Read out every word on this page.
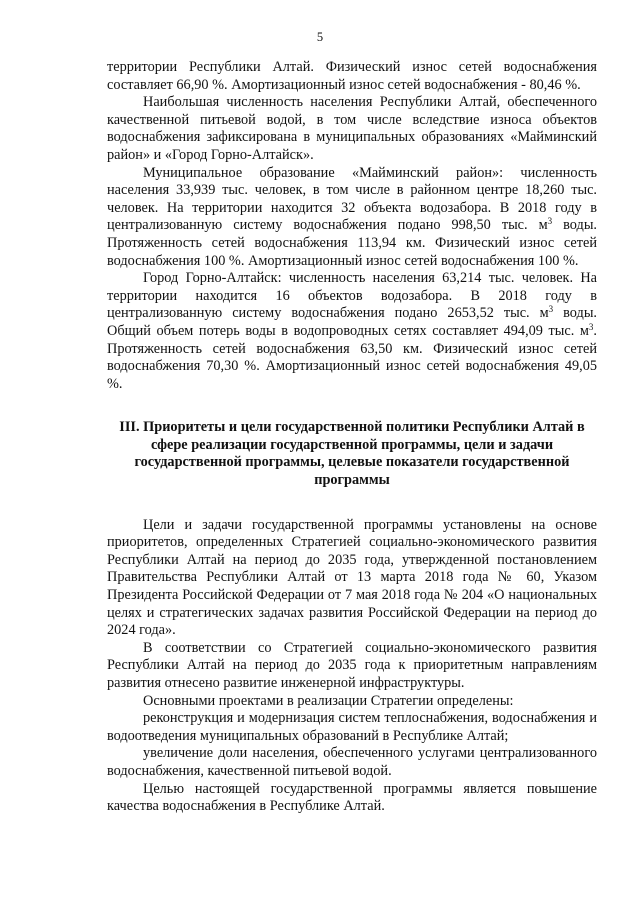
5

территории Республики Алтай. Физический износ сетей водоснабжения составляет 66,90 %. Амортизационный износ сетей водоснабжения - 80,46 %.

Наибольшая численность населения Республики Алтай, обеспеченного качественной питьевой водой, в том числе вследствие износа объектов водоснабжения зафиксирована в муниципальных образованиях «Майминский район» и «Город Горно-Алтайск».

Муниципальное образование «Майминский район»: численность населения 33,939 тыс. человек, в том числе в районном центре 18,260 тыс. человек. На территории находится 32 объекта водозабора. В 2018 году в централизованную систему водоснабжения подано 998,50 тыс. $м^3$ воды. Протяженность сетей водоснабжения 113,94 км. Физический износ сетей водоснабжения 100 %. Амортизационный износ сетей водоснабжения 100 %.

Город Горно-Алтайск: численность населения 63,214 тыс. человек. На территории находится 16 объектов водозабора. В 2018 году в централизованную систему водоснабжения подано 2653,52 тыс. $м^3$ воды. Общий объем потерь воды в водопроводных сетях составляет 494,09 тыс. $м^3$. Протяженность сетей водоснабжения 63,50 км. Физический износ сетей водоснабжения 70,30 %. Амортизационный износ сетей водоснабжения 49,05 %.

III. Приоритеты и цели государственной политики Республики Алтай в сфере реализации государственной программы, цели и задачи государственной программы, целевые показатели государственной программы

Цели и задачи государственной программы установлены на основе приоритетов, определенных Стратегией социально-экономического развития Республики Алтай на период до 2035 года, утвержденной постановлением Правительства Республики Алтай от 13 марта 2018 года № 60, Указом Президента Российской Федерации от 7 мая 2018 года № 204 «О национальных целях и стратегических задачах развития Российской Федерации на период до 2024 года».

В соответствии со Стратегией социально-экономического развития Республики Алтай на период до 2035 года к приоритетным направлениям развития отнесено развитие инженерной инфраструктуры.

Основными проектами в реализации Стратегии определены:

реконструкция и модернизация систем теплоснабжения, водоснабжения и водоотведения муниципальных образований в Республике Алтай;

увеличение доли населения, обеспеченного услугами централизованного водоснабжения, качественной питьевой водой.

Целью настоящей государственной программы является повышение качества водоснабжения в Республике Алтай.
